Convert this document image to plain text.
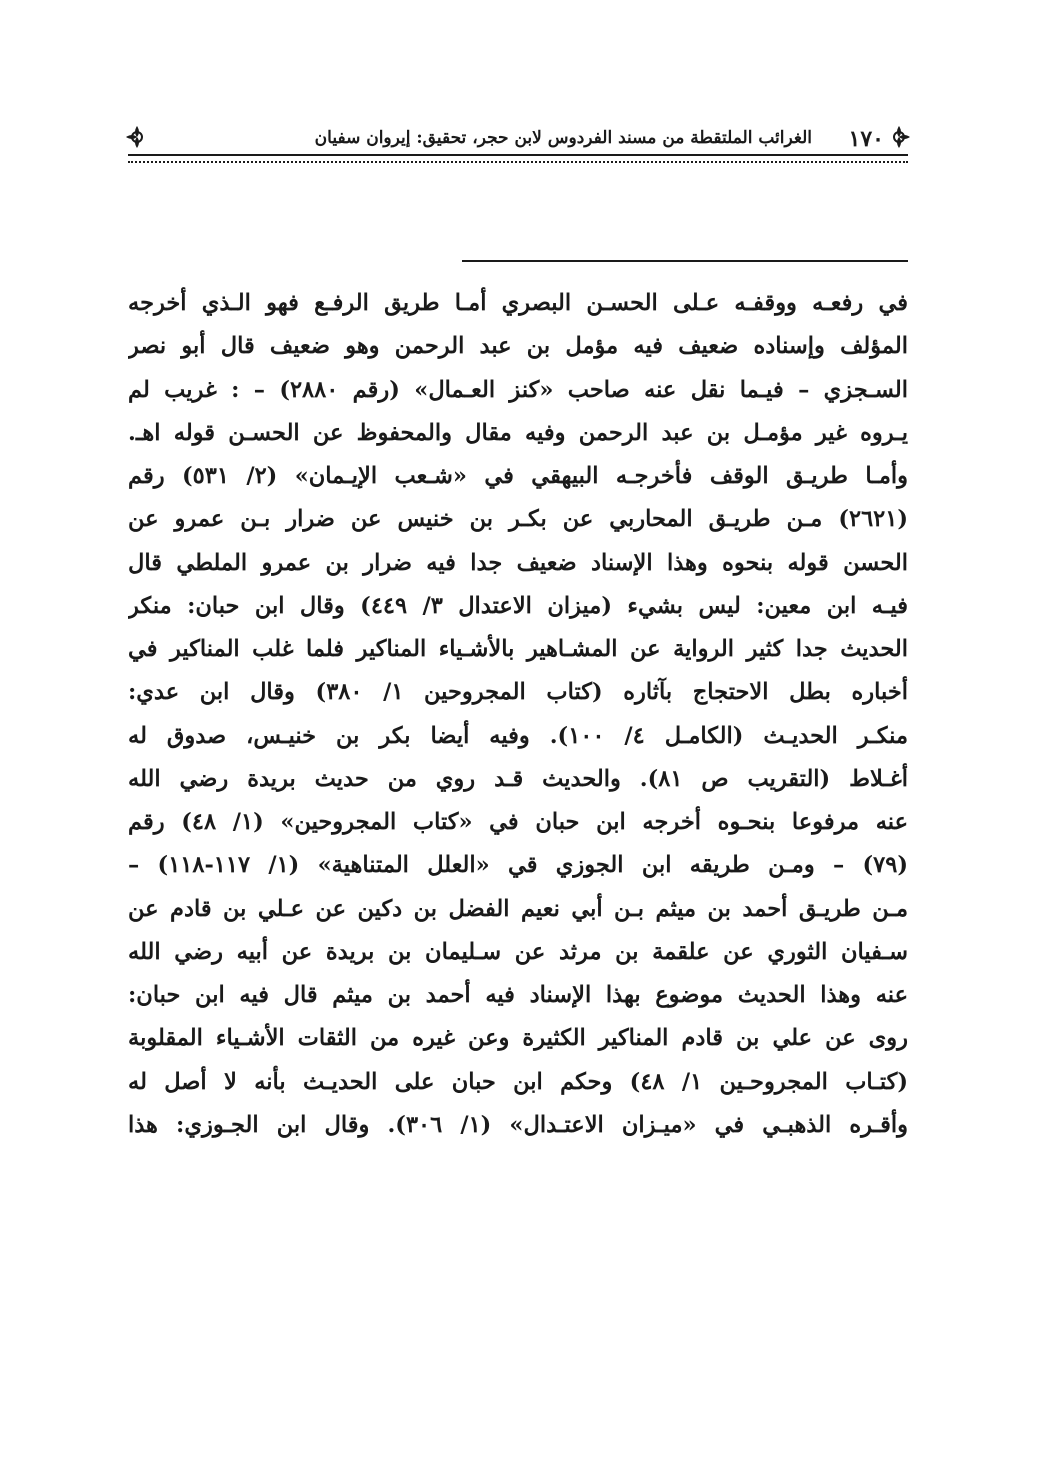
١٧٠
الغرائب الملتقطة من مسند الفردوس لابن حجر، تحقيق: إيروان سفيان
في رفعـه ووقفـه عـلى الحسـن البصري أمـا طريق الرفـع فهو الـذي أخرجه
المؤلف وإسناده ضعيف فيه مؤمل بن عبد الرحمن وهو ضعيف قال أبو نصر
السـجزي – فيـما نقل عنه صاحب «كنز العـمال» (رقم ٢٨٨٠) – : غريب لم
يـروه غير مؤمـل بن عبد الرحمن وفيه مقال والمحفوظ عن الحسـن قوله اهـ.
وأمـا طريـق الوقف فأخرجـه البيهقي في «شـعب الإيـمان» (٢/ ٥٣١) رقم
(٢٦٢١) مـن طريـق المحاربي عن بكـر بن خنيس عن ضرار بـن عمرو عن
الحسن قوله بنحوه وهذا الإسناد ضعيف جدا فيه ضرار بن عمرو الملطي قال
فيـه ابن معين: ليس بشيء (ميزان الاعتدال ٣/ ٤٤٩) وقال ابن حبان: منكر
الحديث جدا كثير الرواية عن المشـاهير بالأشـياء المناكير فلما غلب المناكير في
أخباره بطل الاحتجاج بآثاره (كتاب المجروحين ١/ ٣٨٠) وقال ابن عدي:
منكـر الحديـث (الكامـل ٤/ ١٠٠). وفيه أيضا بكر بن خنيـس، صدوق له
أغـلاط (التقريب ص ٨١). والحديث قـد روي من حديث بريدة رضي الله
عنه مرفوعا بنحـوه أخرجه ابن حبان في «كتاب المجروحين» (١/ ٤٨) رقم
(٧٩) – ومـن طريقه ابن الجوزي قي «العلل المتناهية» (١/ ١١٧-١١٨) –
مـن طريـق أحمد بن ميثم بـن أبي نعيم الفضل بن دكين عن عـلي بن قادم عن
سـفيان الثوري عن علقمة بن مرثد عن سـليمان بن بريدة عن أبيه رضي الله
عنه وهذا الحديث موضوع بهذا الإسناد فيه أحمد بن ميثم قال فيه ابن حبان:
روى عن علي بن قادم المناكير الكثيرة وعن غيره من الثقات الأشـياء المقلوبة
(كتـاب المجروحـين ١/ ٤٨) وحكم ابن حبان على الحديـث بأنه لا أصل له
وأقـره الذهبـي في «ميـزان الاعتـدال» (١/ ٣٠٦). وقال ابن الجـوزي: هذا
